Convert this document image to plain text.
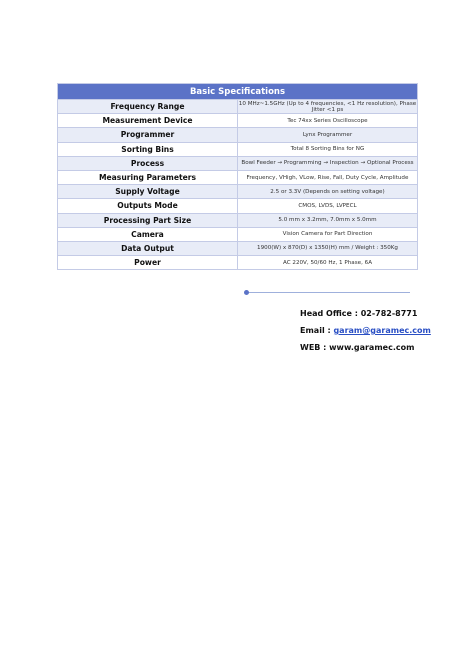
Basic Specifications	
Frequency Range	10 MHz~1.5GHz (Up to 4 frequencies, <1 Hz resolution), Phase Jitter <1 ps
Measurement Device	Tec 74xx Series Oscilloscope
Programmer	Lynx Programmer
Sorting Bins	Total 8 Sorting Bins for NG
Process	Bowl Feeder → Programming → Inspection → Optional Process
Measuring Parameters	Frequency, VHigh, VLow, Rise, Fall, Duty Cycle, Amplitude
Supply Voltage	2.5 or 3.3V (Depends on setting voltage)
Outputs Mode	CMOS, LVDS, LVPECL
Processing Part Size	5.0 mm x 3.2mm, 7.0mm x 5.0mm
Camera	Vision Camera for Part Direction
Data Output	1900(W) x 870(D) x 1350(H) mm / Weight : 350Kg
Power	AC 220V, 50/60 Hz, 1 Phase, 6A
Head Office : 02-782-8771
Email : garam@garamec.com
WEB : www.garamec.com
